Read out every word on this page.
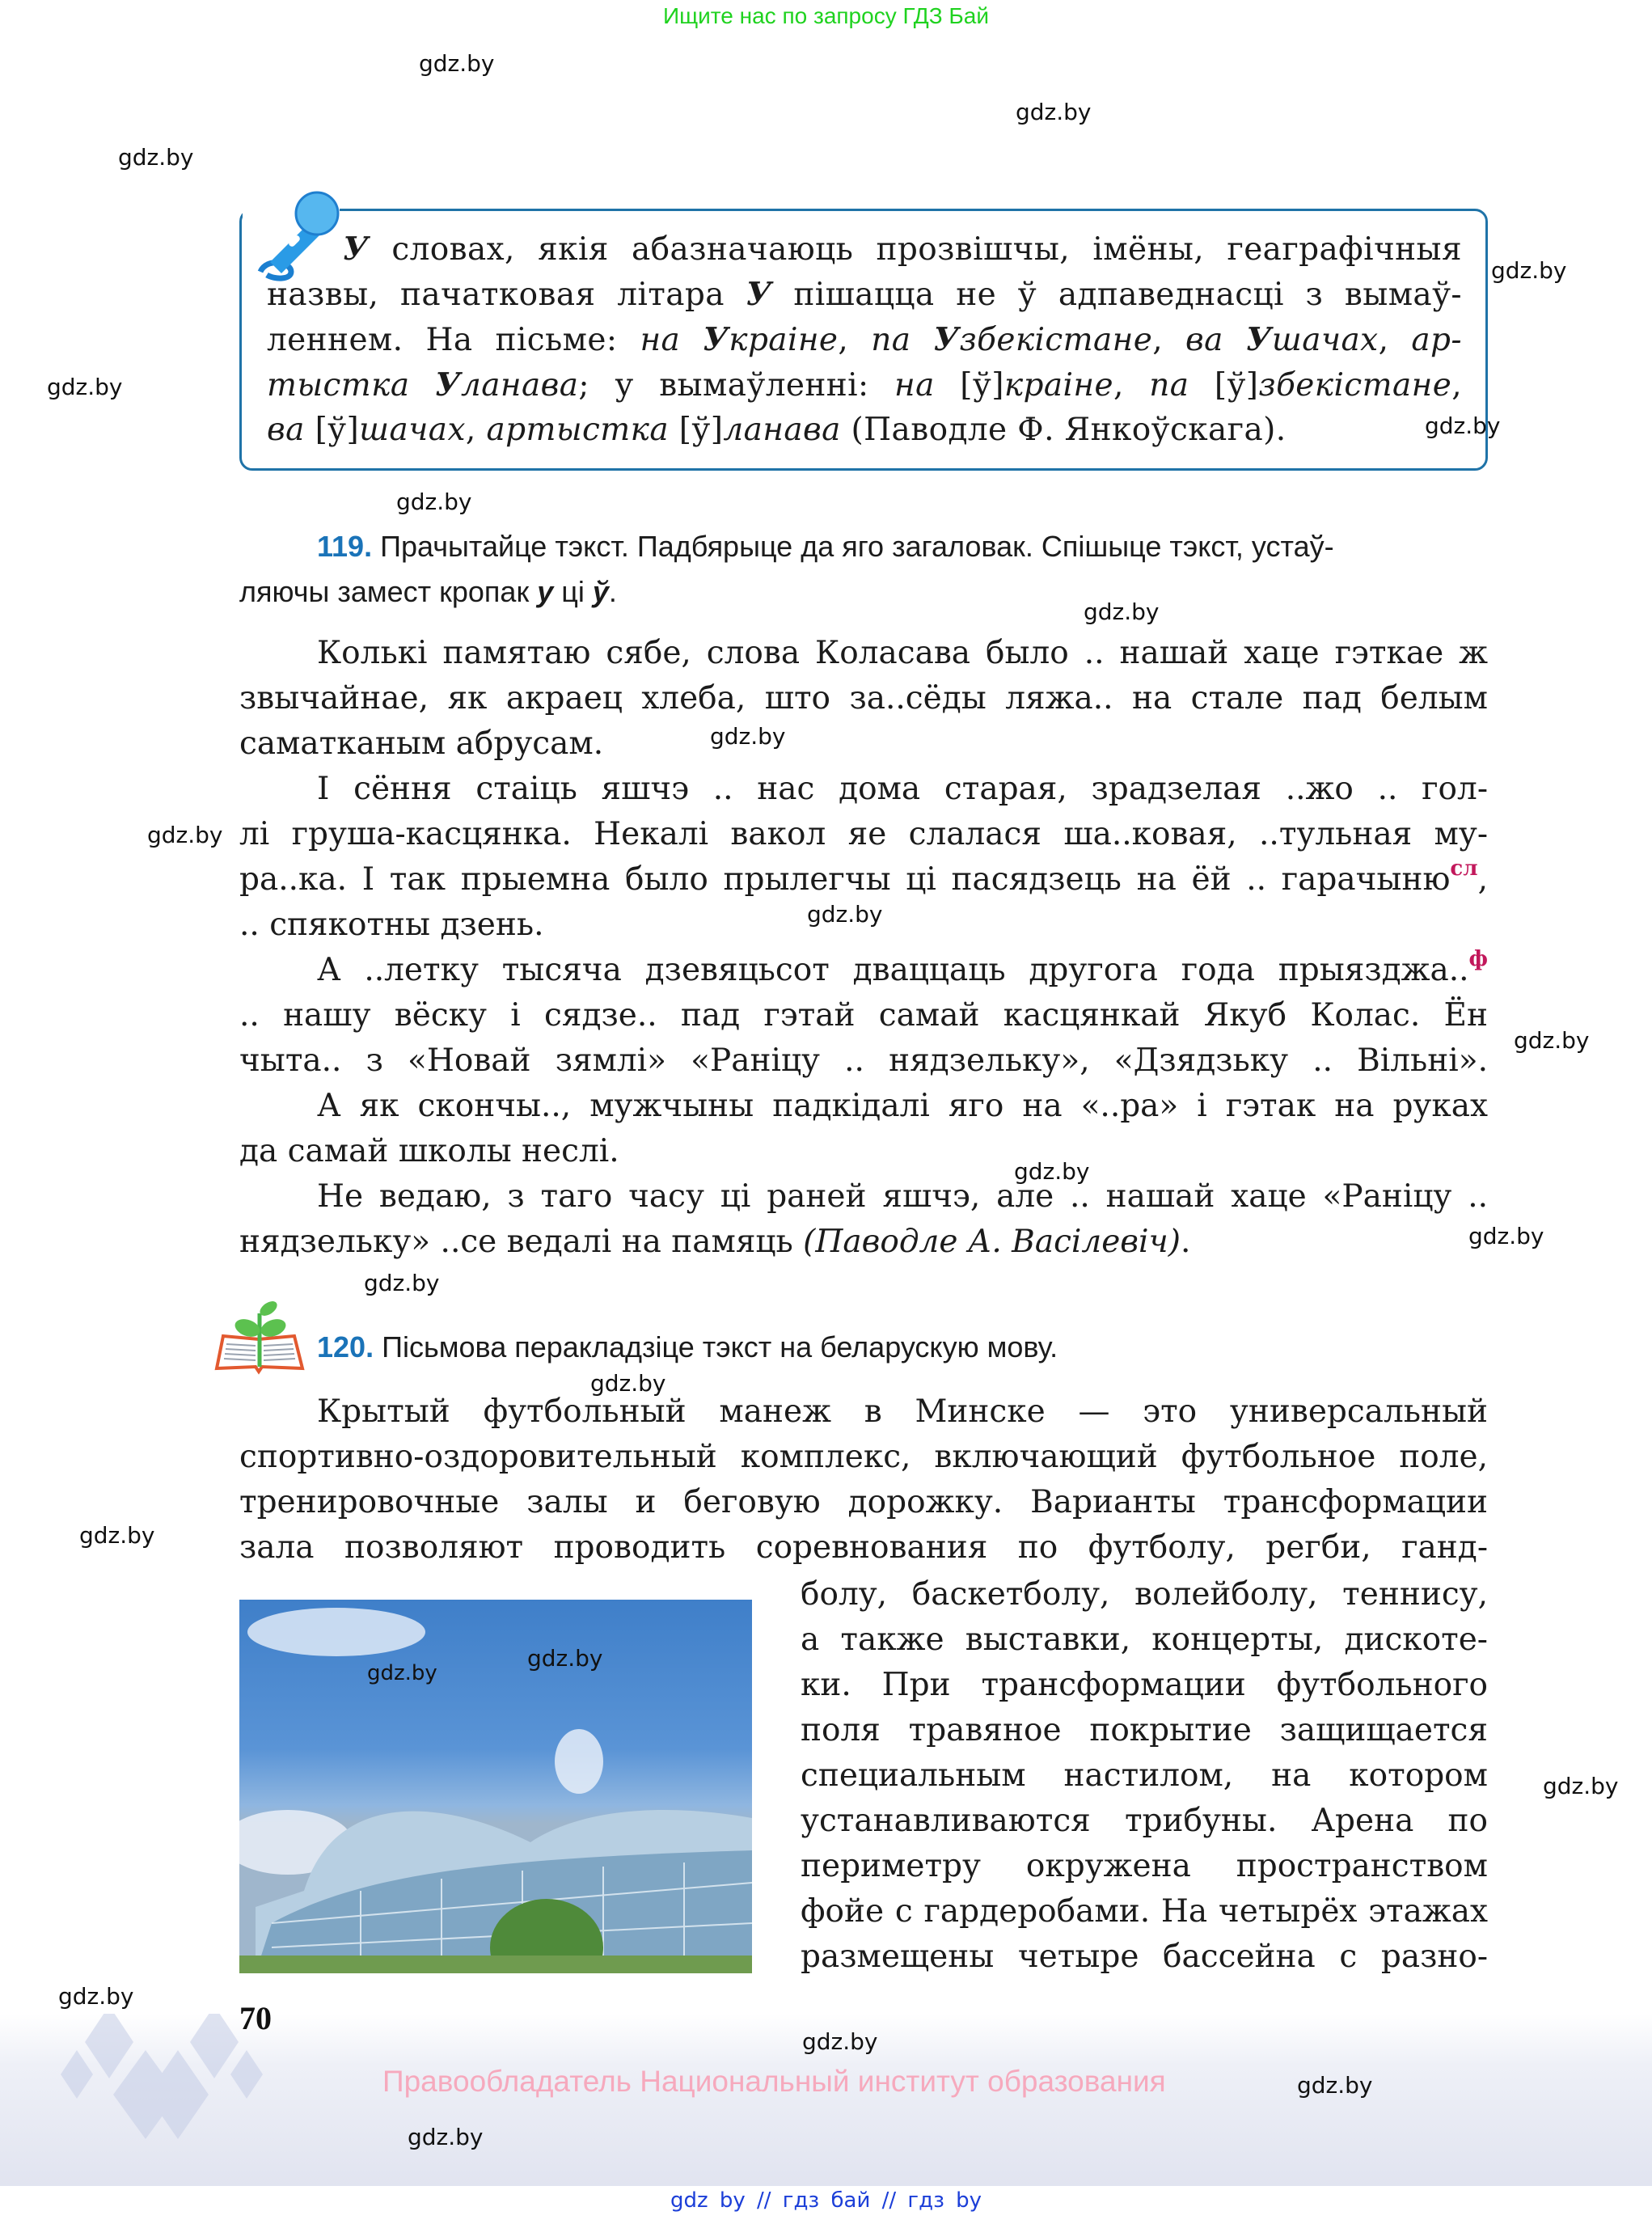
Ищите нас по запросу ГДЗ Бай
У словах, якія абазначаюць прозвішчы, імёны, геаграфічныя
назвы, пачатковая літара У пішацца не ў адпаведнасці з вымаў-
леннем. На пісьме: на Украіне, па Узбекістане, ва Ушачах, ар-
тыстка Уланава; у вымаўленні: на [ў]краіне, па [ў]збекістане,
ва [ў]шачах, артыстка [ў]ланава (Паводле Ф. Янкоўскага).
119. Прачытайце тэкст. Падбярыце да яго загаловак. Спішыце тэкст, устаў-
ляючы замест кропак у ці ў.
Колькі памятаю сябе, слова Коласава было .. нашай хаце гэткае ж
звычайнае, як акраец хлеба, што за..сёды ляжа.. на стале пад белым
саматканым абрусам.
І сёння стаіць яшчэ .. нас дома старая, зрадзелая ..жо .. гол-
лі груша-касцянка. Некалі вакол яе слалася ша..ковая, ..тульная му-
ра..ка. І так прыемна было прылегчы ці пасядзець на ёй .. гарачыню$^{сл}$,
.. спякотны дзень.
А ..летку тысяча дзевяцьсот дваццаць другога года прыязджа..$^ф$
.. нашу вёску і сядзе.. пад гэтай самай касцянкай Якуб Колас. Ён
чыта.. з «Новай зямлі» «Раніцу .. нядзельку», «Дзядзьку .. Вільні».
А як скончы.., мужчыны падкідалі яго на «..ра» і гэтак на руках
да самай школы неслі.
Не ведаю, з таго часу ці раней яшчэ, але .. нашай хаце «Раніцу ..
нядзельку» ..се ведалі на памяць (Паводле А. Васілевіч).
120. Пісьмова перакладзіце тэкст на беларускую мову.
Крытый футбольный манеж в Минске — это универсальный
спортивно-оздоровительный комплекс, включающий футбольное поле,
тренировочные залы и беговую дорожку. Варианты трансформации
зала позволяют проводить соревнования по футболу, регби, ганд-
gdz.by
болу, баскетболу, волейболу, теннису,
а также выставки, концерты, дискоте-
ки. При трансформации футбольного
поля травяное покрытие защищается
специальным настилом, на котором
устанавливаются трибуны. Арена по
периметру окружена пространством
фойе с гардеробами. На четырёх этажах
размещены четыре бассейна с разно-
70
Правообладатель Национальный институт образования
gdz by // гдз бай // гдз by
gdz.by
gdz.by
gdz.by
gdz.by
gdz.by
gdz.by
gdz.by
gdz.by
gdz.by
gdz.by
gdz.by
gdz.by
gdz.by
gdz.by
gdz.by
gdz.by
gdz.by
gdz.by
gdz.by
gdz.by
gdz.by
gdz.by
gdz.by
